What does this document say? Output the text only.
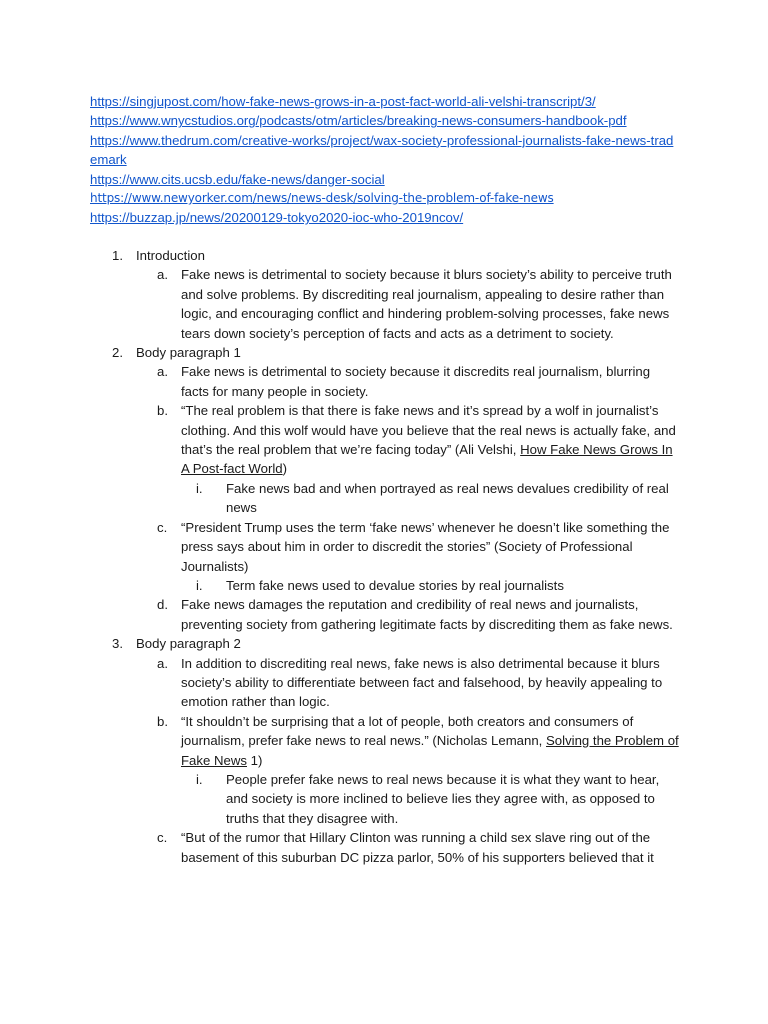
https://singjupost.com/how-fake-news-grows-in-a-post-fact-world-ali-velshi-transcript/3/
https://www.wnycstudios.org/podcasts/otm/articles/breaking-news-consumers-handbook-pdf
https://www.thedrum.com/creative-works/project/wax-society-professional-journalists-fake-news-trademark
https://www.cits.ucsb.edu/fake-news/danger-social
https://www.newyorker.com/news/news-desk/solving-the-problem-of-fake-news
https://buzzap.jp/news/20200129-tokyo2020-ioc-who-2019ncov/
1. Introduction
a. Fake news is detrimental to society because it blurs society’s ability to perceive truth and solve problems. By discrediting real journalism, appealing to desire rather than logic, and encouraging conflict and hindering problem-solving processes, fake news tears down society’s perception of facts and acts as a detriment to society.
2. Body paragraph 1
a. Fake news is detrimental to society because it discredits real journalism, blurring facts for many people in society.
b. “The real problem is that there is fake news and it’s spread by a wolf in journalist’s clothing. And this wolf would have you believe that the real news is actually fake, and that’s the real problem that we’re facing today” (Ali Velshi, How Fake News Grows In A Post-fact World)
i. Fake news bad and when portrayed as real news devalues credibility of real news
c. “President Trump uses the term ‘fake news’ whenever he doesn’t like something the press says about him in order to discredit the stories” (Society of Professional Journalists)
i. Term fake news used to devalue stories by real journalists
d. Fake news damages the reputation and credibility of real news and journalists, preventing society from gathering legitimate facts by discrediting them as fake news.
3. Body paragraph 2
a. In addition to discrediting real news, fake news is also detrimental because it blurs society’s ability to differentiate between fact and falsehood, by heavily appealing to emotion rather than logic.
b. “It shouldn’t be surprising that a lot of people, both creators and consumers of journalism, prefer fake news to real news.” (Nicholas Lemann, Solving the Problem of Fake News 1)
i. People prefer fake news to real news because it is what they want to hear, and society is more inclined to believe lies they agree with, as opposed to truths that they disagree with.
c. “But of the rumor that Hillary Clinton was running a child sex slave ring out of the basement of this suburban DC pizza parlor, 50% of his supporters believed that it
